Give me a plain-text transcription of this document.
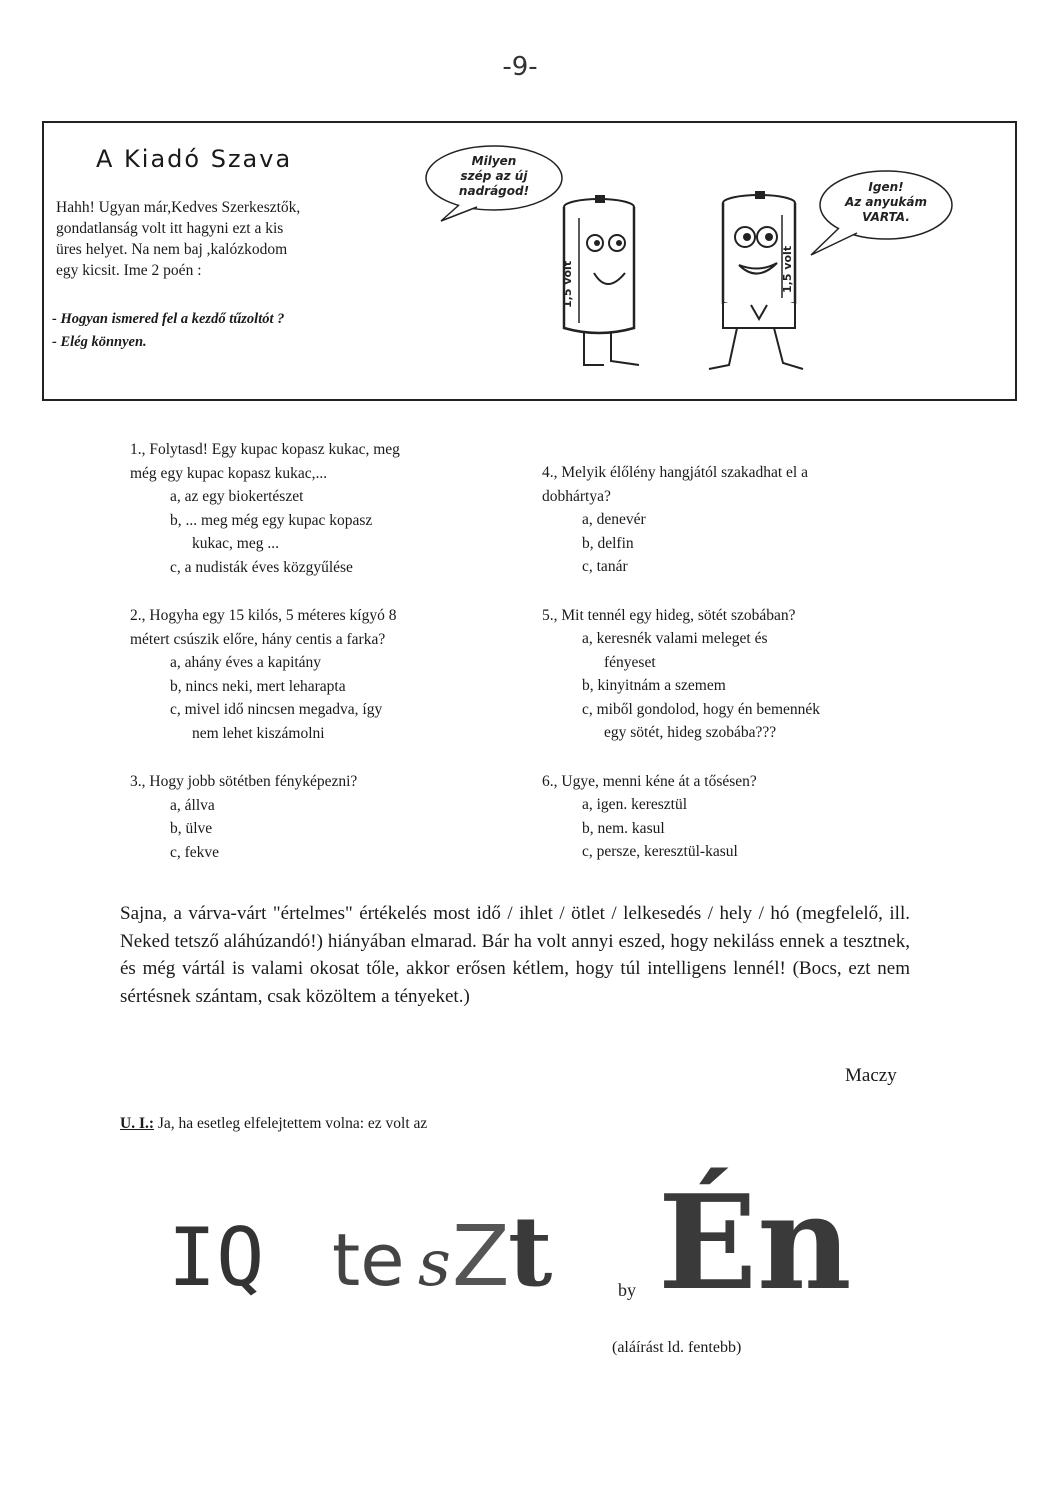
-9-
A Kiadó Szava
Hahh! Ugyan már,Kedves Szerkesztők,
gondatlanság volt itt hagyni ezt a kis
üres helyet. Na nem baj ,kalózkodom
egy kicsit. Ime 2 poén :
- Hogyan ismered fel a kezdő tűzoltót ?
- Elég könnyen.
Milyen
szép az új
nadrágod!
1,5 volt	1,5 volt
Igen!
Az anyukám
VARTA.
1., Folytasd! Egy kupac kopasz kukac, meg
még egy kupac kopasz kukac,...
a, az egy biokertészet
b, ... meg még egy kupac kopasz
kukac, meg ...
c, a nudisták éves közgyűlése
2., Hogyha egy 15 kilós, 5 méteres kígyó 8
métert csúszik előre, hány centis a farka?
a, ahány éves a kapitány
b, nincs neki, mert leharapta
c, mivel idő nincsen megadva, így
nem lehet kiszámolni
3., Hogy jobb sötétben fényképezni?
a, állva
b, ülve
c, fekve
4., Melyik élőlény hangjától szakadhat el a
dobhártya?
a, denevér
b, delfin
c, tanár
5., Mit tennél egy hideg, sötét szobában?
a, keresnék valami meleget és
fényeset
b, kinyitnám a szemem
c, miből gondolod, hogy én bemennék
egy sötét, hideg szobába???
6., Ugye, menni kéne át a tősésen?
a, igen. keresztül
b, nem. kasul
c, persze, keresztül-kasul
Sajna, a várva-várt "értelmes" értékelés most idő / ihlet / ötlet / lelkesedés / hely / hó (megfelelő, ill. Neked tetsző aláhúzandó!) hiányában elmarad. Bár ha volt annyi eszed, hogy nekiláss ennek a tesztnek, és még vártál is valami okosat tőle, akkor erősen kétlem, hogy túl intelligens lennél! (Bocs, ezt nem sértésnek szántam, csak közöltem a tényeket.)
Maczy
U. I.: Ja, ha esetleg elfelejtettem volna: ez volt az
IQ te s Z
t	by Én
(aláírást ld. fentebb)
